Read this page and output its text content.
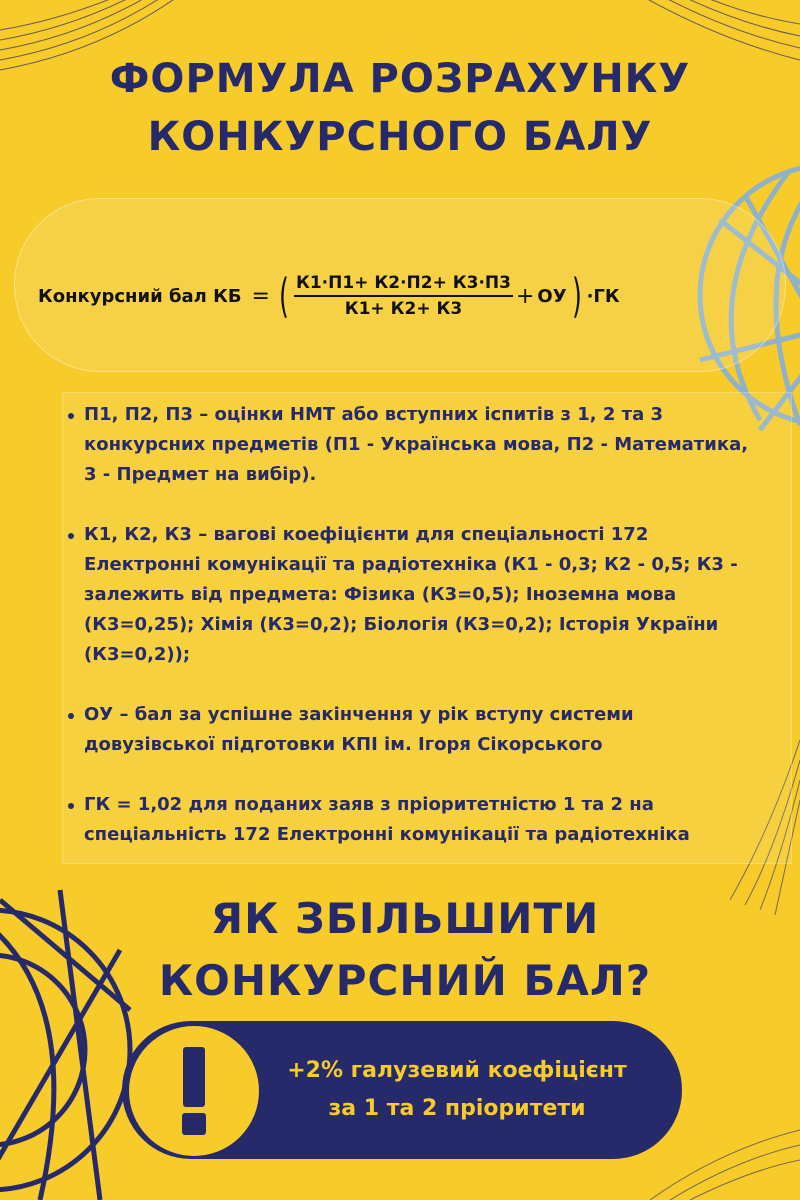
ФОРМУЛА РОЗРАХУНКУ
КОНКУРСНОГО БАЛУ
Конкурсний бал КБ = ( $\frac{К1\cdot П1+ К2\cdot П2+ К3\cdot П3}{К1+ К2+ К3}$ + ОУ ) ·ГК
П1, П2, П3 – оцінки НМТ або вступних іспитів з 1, 2 та 3 конкурсних предметів (П1 - Українська мова, П2 - Математика, 3 - Предмет на вибір).
К1, К2, К3 – вагові коефіцієнти для спеціальності 172 Електронні комунікації та радіотехніка (К1 - 0,3; К2 - 0,5; К3 - залежить від предмета: Фізика (К3=0,5); Іноземна мова (К3=0,25); Хімія (К3=0,2); Біологія (К3=0,2); Історія України (К3=0,2));
ОУ – бал за успішне закінчення у рік вступу системи довузівської підготовки КПІ ім. Ігоря Сікорського
ГК = 1,02 для поданих заяв з пріоритетністю 1 та 2 на спеціальність 172 Електронні комунікації та радіотехніка
ЯК ЗБІЛЬШИТИ
КОНКУРСНИЙ БАЛ?
+2% галузевий коефіцієнт
за 1 та 2 пріоритети
